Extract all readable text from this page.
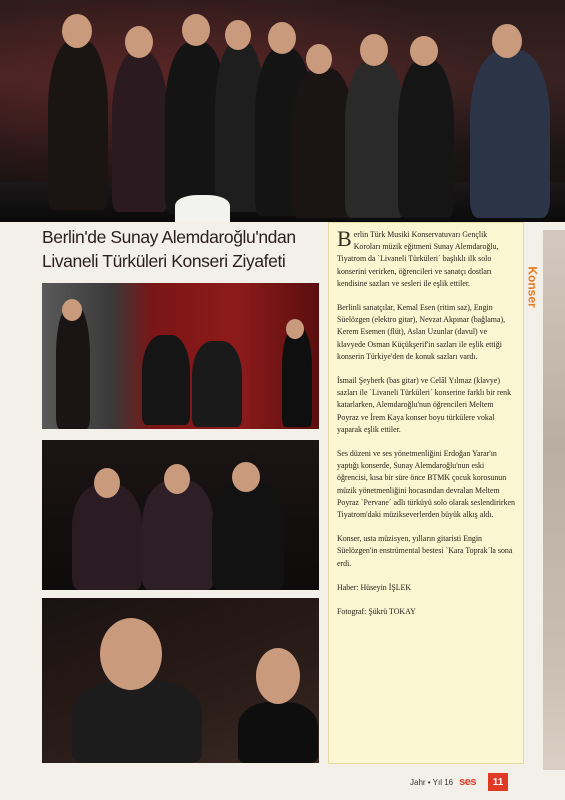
Berlin'de Sunay Alemdaroğlu'ndan
Livaneli Türküleri Konseri Ziyafeti

Berlin Türk Musiki Konservatuvarı Gençlik Koroları müzik eğitmeni Sunay Alemdaroğlu, Tiyatrom da `Livaneli Türküleri´ başlıklı ilk solo konserini verirken, öğrencileri ve sanatçı dostları kendisine sazları ve sesleri ile eşlik ettiler.

Berlinli sanatçılar, Kemal Esen (ritim saz), Engin Süelözgen (elektro gitar), Nevzat Akpınar (bağlama), Kerem Esemen (flüt), Aslan Uzunlar (davul) ve klavyede Osman Küçükşerif'in sazları ile eşlik ettiği konserin Türkiye'den de konuk sazları vardı.

İsmail Şeyberk (bas gitar) ve Celâl Yılmaz (klavye) sazları ile `Livaneli Türküleri´ konserine farklı bir renk katarlarken, Alemdaroğlu'nun öğrencileri Meltem Poyraz ve İrem Kaya konser boyu türkülere vokal yaparak eşlik ettiler.

Ses düzeni ve ses yönetmenliğini Erdoğan Yarar'ın yaptığı konserde, Sunay Alemdaroğlu'nun eski öğrencisi, kısa bir süre önce BTMK çocuk korosunun müzik yönetmenliğini hocasından devralan Meltem Poyraz `Pervane´ adlı türküyü solo olarak seslendirirken Tiyatrom'daki müzikseverlerden büyük alkış aldı.

Konser, usta müzisyen, yılların gitaristi Engin Süelözgen'in enstrümental bestesi `Kara Toprak´la sona erdi.

Haber: Hüseyin İŞLEK

Fotograf: Şükrü TOKAY

Konser
Jahr • Yıl 16 ses	11
